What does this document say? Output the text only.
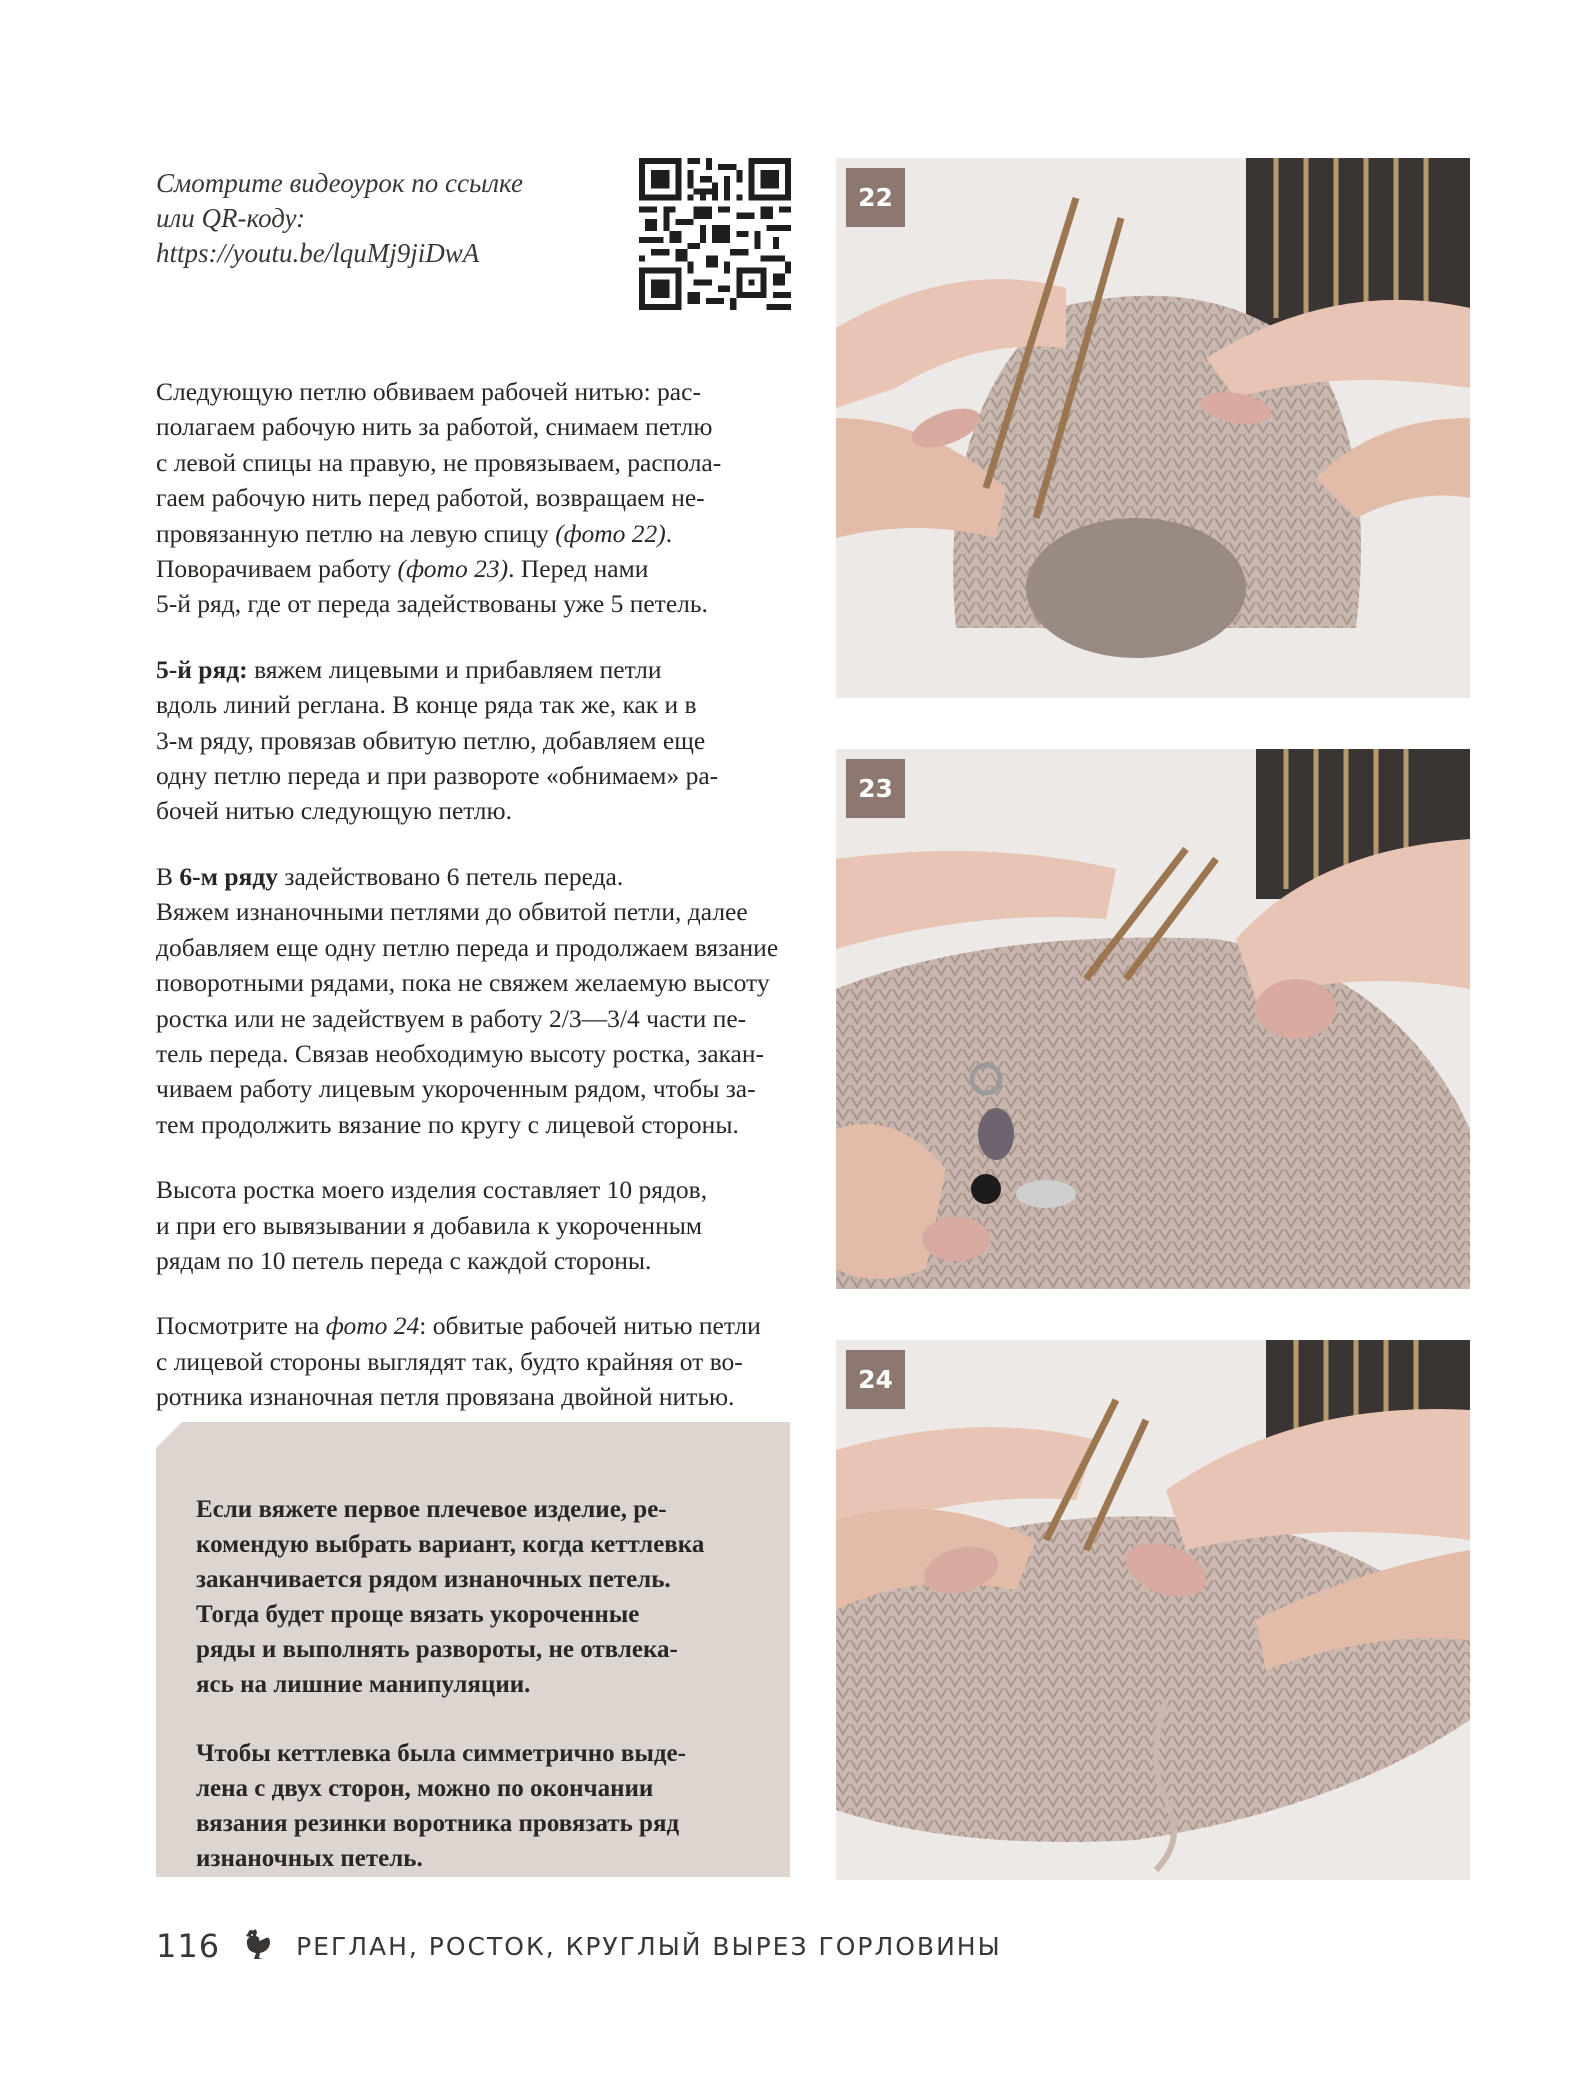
Смотрите видеоурок по ссылке
или QR-коду:
https://youtu.be/lquMj9jiDwA

Следующую петлю обвиваем рабочей нитью: рас-
полагаем рабочую нить за работой, снимаем петлю
с левой спицы на правую, не провязываем, распола-
гаем рабочую нить перед работой, возвращаем не-
провязанную петлю на левую спицу (фото 22).
Поворачиваем работу (фото 23). Перед нами
5-й ряд, где от переда задействованы уже 5 петель.

5-й ряд: вяжем лицевыми и прибавляем петли
вдоль линий реглана. В конце ряда так же, как и в
3-м ряду, провязав обвитую петлю, добавляем еще
одну петлю переда и при развороте «обнимаем» ра-
бочей нитью следующую петлю.

В 6-м ряду задействовано 6 петель переда.
Вяжем изнаночными петлями до обвитой петли, далее
добавляем еще одну петлю переда и продолжаем вязание
поворотными рядами, пока не свяжем желаемую высоту
ростка или не задействуем в работу 2/3—3/4 части пе-
тель переда. Связав необходимую высоту ростка, закан-
чиваем работу лицевым укороченным рядом, чтобы за-
тем продолжить вязание по кругу с лицевой стороны.

Высота ростка моего изделия составляет 10 рядов,
и при его вывязывании я добавила к укороченным
рядам по 10 петель переда с каждой стороны.

Посмотрите на фото 24: обвитые рабочей нитью петли
с лицевой стороны выглядят так, будто крайняя от во-
ротника изнаночная петля провязана двойной нитью.

Если вяжете первое плечевое изделие, ре-
комендую выбрать вариант, когда кеттлевка
заканчивается рядом изнаночных петель.
Тогда будет проще вязать укороченные
ряды и выполнять развороты, не отвлека-
ясь на лишние манипуляции.

Чтобы кеттлевка была симметрично выде-
лена с двух сторон, можно по окончании
вязания резинки воротника провязать ряд
изнаночных петель.

22
23
24
116	РЕГЛАН, РОСТОК, КРУГЛЫЙ ВЫРЕЗ ГОРЛОВИНЫ
